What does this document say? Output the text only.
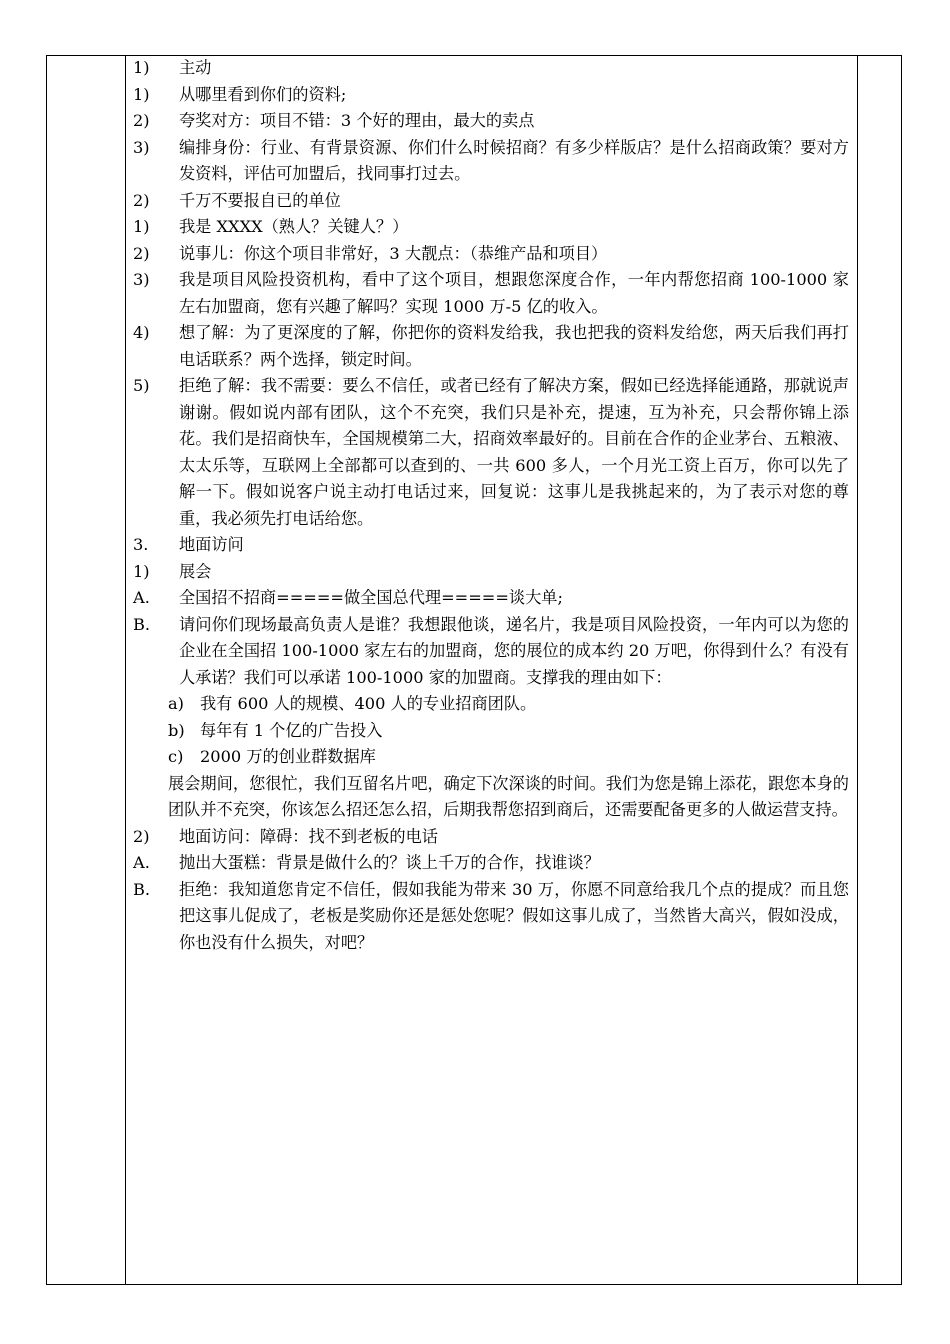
1)	主动
1)	从哪里看到你们的资料;
2)	夸奖对方：项目不错：3 个好的理由，最大的卖点
3)	编排身份：行业、有背景资源、你们什么时候招商？有多少样版店？是什么招商政策？要对方发资料，评估可加盟后，找同事打过去。
2)	千万不要报自已的单位
1)	我是 XXXX（熟人？关键人？）
2)	说事儿：你这个项目非常好，3 大靓点：（恭维产品和项目）
3)	我是项目风险投资机构，看中了这个项目，想跟您深度合作，一年内帮您招商 100-1000 家左右加盟商，您有兴趣了解吗？实现 1000 万-5 亿的收入。
4)	想了解：为了更深度的了解，你把你的资料发给我，我也把我的资料发给您，两天后我们再打电话联系？两个选择，锁定时间。
5)	拒绝了解：我不需要：要么不信任，或者已经有了解决方案，假如已经选择能通路，那就说声谢谢。假如说内部有团队，这个不充突，我们只是补充，提速，互为补充，只会帮你锦上添花。我们是招商快车，全国规模第二大，招商效率最好的。目前在合作的企业茅台、五粮液、太太乐等，互联网上全部都可以查到的、一共 600 多人，一个月光工资上百万，你可以先了解一下。假如说客户说主动打电话过来，回复说：这事儿是我挑起来的，为了表示对您的尊重，我必须先打电话给您。
3.	地面访问
1)	展会
A.	全国招不招商=====做全国总代理=====谈大单;
B.	请问你们现场最高负责人是谁？我想跟他谈，递名片，我是项目风险投资，一年内可以为您的企业在全国招 100-1000 家左右的加盟商，您的展位的成本约 20 万吧，你得到什么？有没有人承诺？我们可以承诺 100-1000 家的加盟商。支撑我的理由如下：
a) 我有 600 人的规模、400 人的专业招商团队。
b) 每年有 1 个亿的广告投入
c)	2000 万的创业群数据库
展会期间，您很忙，我们互留名片吧，确定下次深谈的时间。我们为您是锦上添花，跟您本身的团队并不充突，你该怎么招还怎么招，后期我帮您招到商后，还需要配备更多的人做运营支持。
2)	地面访问：障碍：找不到老板的电话
A.	抛出大蛋糕：背景是做什么的？谈上千万的合作，找谁谈？
B.	拒绝：我知道您肯定不信任，假如我能为带来 30 万，你愿不同意给我几个点的提成？而且您把这事儿促成了，老板是奖励你还是惩处您呢？假如这事儿成了，当然皆大高兴，假如没成，你也没有什么损失，对吧？
